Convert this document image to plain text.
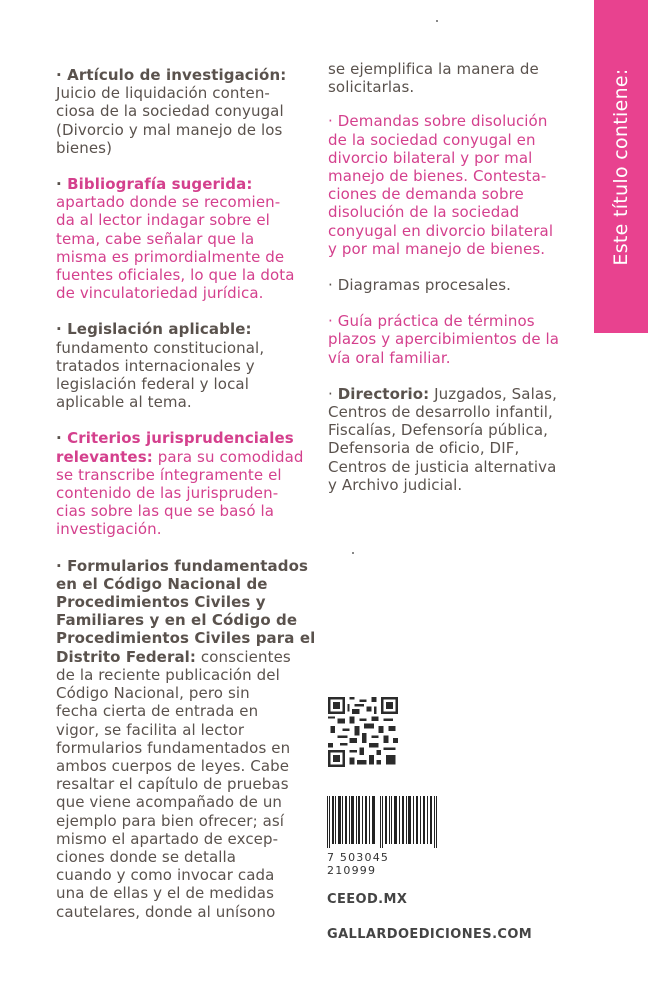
Este título contiene:
· Artículo de investigación:
Juicio de liquidación conten-
ciosa de la sociedad conyugal
(Divorcio y mal manejo de los
bienes)
· Bibliografía sugerida:
apartado donde se recomien-
da al lector indagar sobre el
tema, cabe señalar que la
misma es primordialmente de
fuentes oficiales, lo que la dota
de vinculatoriedad jurídica.
· Legislación aplicable:
fundamento constitucional,
tratados internacionales y
legislación federal y local
aplicable al tema.
· Criterios jurisprudenciales
relevantes: para su comodidad
se transcribe íntegramente el
contenido de las jurispruden-
cias sobre las que se basó la
investigación.
· Formularios fundamentados
en el Código Nacional de
Procedimientos Civiles y
Familiares y en el Código de
Procedimientos Civiles para el
Distrito Federal: conscientes
de la reciente publicación del
Código Nacional, pero sin
fecha cierta de entrada en
vigor, se facilita al lector
formularios fundamentados en
ambos cuerpos de leyes. Cabe
resaltar el capítulo de pruebas
que viene acompañado de un
ejemplo para bien ofrecer; así
mismo el apartado de excep-
ciones donde se detalla
cuando y como invocar cada
una de ellas y el de medidas
cautelares, donde al unísono
se ejemplifica la manera de
solicitarlas.
· Demandas sobre disolución
de la sociedad conyugal en
divorcio bilateral y por mal
manejo de bienes. Contesta-
ciones de demanda sobre
disolución de la sociedad
conyugal en divorcio bilateral
y por mal manejo de bienes.
· Diagramas procesales.
· Guía práctica de términos
plazos y apercibimientos de la
vía oral familiar.
· Directorio: Juzgados, Salas,
Centros de desarrollo infantil,
Fiscalías, Defensoría pública,
Defensoria de oficio, DIF,
Centros de justicia alternativa
y Archivo judicial.
7 503045 210999
CEEOD.MX
GALLARDOEDICIONES.COM
